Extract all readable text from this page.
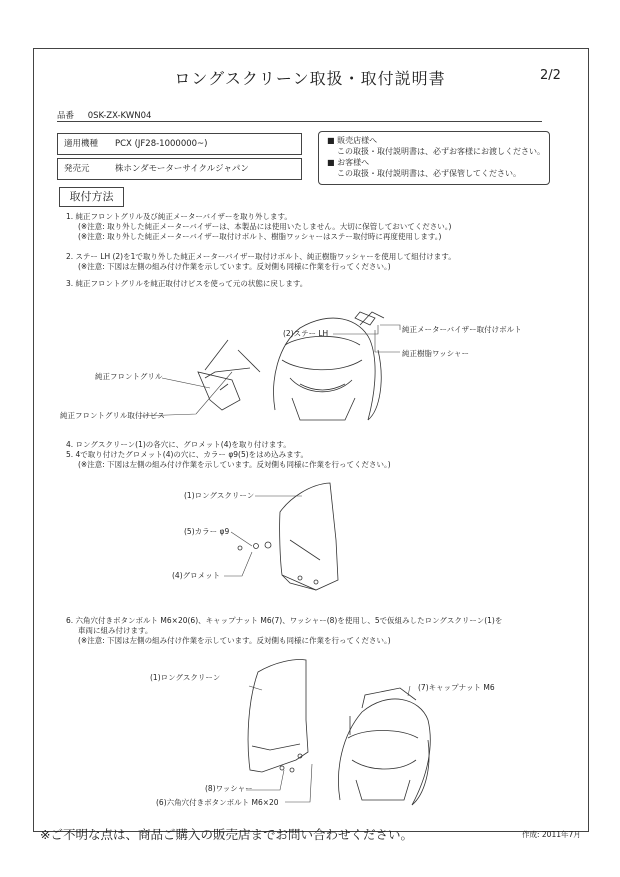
ロングスクリーン取扱・取付説明書	2/2
品番 0SK-ZX-KWN04
適用機種 PCX (JF28-1000000~)
発売元	株ホンダモーターサイクルジャパン
■ 販売店様へ
この取扱・取付説明書は、必ずお客様にお渡しください。
■ お客様へ
この取扱・取付説明書は、必ず保管してください。
取付方法
1. 純正フロントグリル及び純正メーターバイザーを取り外します。
(※注意: 取り外した純正メーターバイザーは、本製品には使用いたしません。大切に保管しておいてください。)
(※注意: 取り外した純正メーターバイザー取付けボルト、樹脂ワッシャーはステー取付時に再度使用します。)
2. ステー LH (2)を1で取り外した純正メーターバイザー取付けボルト、純正樹脂ワッシャーを使用して組付けます。
(※注意: 下図は左側の組み付け作業を示しています。反対側も同様に作業を行ってください。)
3. 純正フロントグリルを純正取付けビスを使って元の状態に戻します。
4. ロングスクリーン(1)の各穴に、グロメット(4)を取り付けます。
5. 4で取り付けたグロメット(4)の穴に、カラー φ9(5)をはめ込みます。
(※注意: 下図は左側の組み付け作業を示しています。反対側も同様に作業を行ってください。)
6. 六角穴付きボタンボルト M6×20(6)、キャップナット M6(7)、ワッシャー(8)を使用し、5で仮組みしたロングスクリーン(1)を
車両に組み付けます。
(※注意: 下図は左側の組み付け作業を示しています。反対側も同様に作業を行ってください。)
(2)ステー LH	純正メーターバイザー取付けボルト
純正樹脂ワッシャー
純正フロントグリル
純正フロントグリル取付けビス
(1)ロングスクリーン
(5)カラー φ9
(4)グロメット
(1)ロングスクリーン
(7)キャップナット M6
(8)ワッシャー
(6)六角穴付きボタンボルト M6×20
※ご不明な点は、商品ご購入の販売店までお問い合わせください。	作成: 2011年7月
